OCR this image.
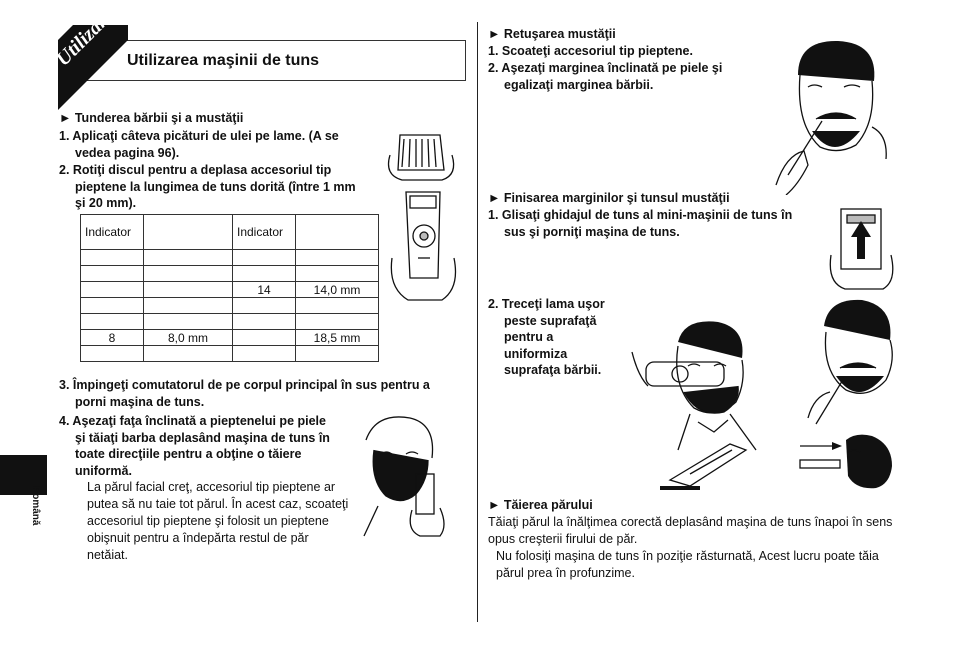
Utilizare Utilizarea maşinii de tuns
► Tunderea bărbii şi a mustăţii
1. Aplicaţi câteva picături de ulei pe lame. (A se
vedea pagina 96).
2. Rotiţi discul pentru a deplasa accesoriul tip
pieptene la lungimea de tuns dorită (între 1 mm
şi 20 mm).
Indicator		Indicator	

		14	14,0 mm

8	8,0 mm		18,5 mm

3. Împingeţi comutatorul de pe corpul principal în sus pentru a
porni maşina de tuns.
4. Aşezaţi faţa înclinată a pieptenelui pe piele
şi tăiaţi barba deplasând maşina de tuns în
toate direcţiile pentru a obţine o tăiere
uniformă.
La părul facial creţ, accesoriul tip pieptene ar
putea să nu taie tot părul. În acest caz, scoateţi
accesoriul tip pieptene şi folosit un pieptene
obişnuit pentru a îndepărta restul de păr
netăiat.
Română
► Retuşarea mustăţii
1. Scoateţi accesoriul tip pieptene.
2. Aşezaţi marginea înclinată pe piele şi
egalizaţi marginea bărbii.
► Finisarea marginilor şi tunsul mustăţii
1. Glisaţi ghidajul de tuns al mini-maşinii de tuns în
sus şi porniţi maşina de tuns.
2. Treceţi lama uşor
peste suprafaţă
pentru a
uniformiza
suprafaţa bărbii.
► Tăierea părului
Tăiaţi părul la înălţimea corectă deplasând maşina de tuns înapoi în sens
opus creşterii firului de păr.
Nu folosiţi maşina de tuns în poziţie răsturnată, Acest lucru poate tăia
părul prea în profunzime.
